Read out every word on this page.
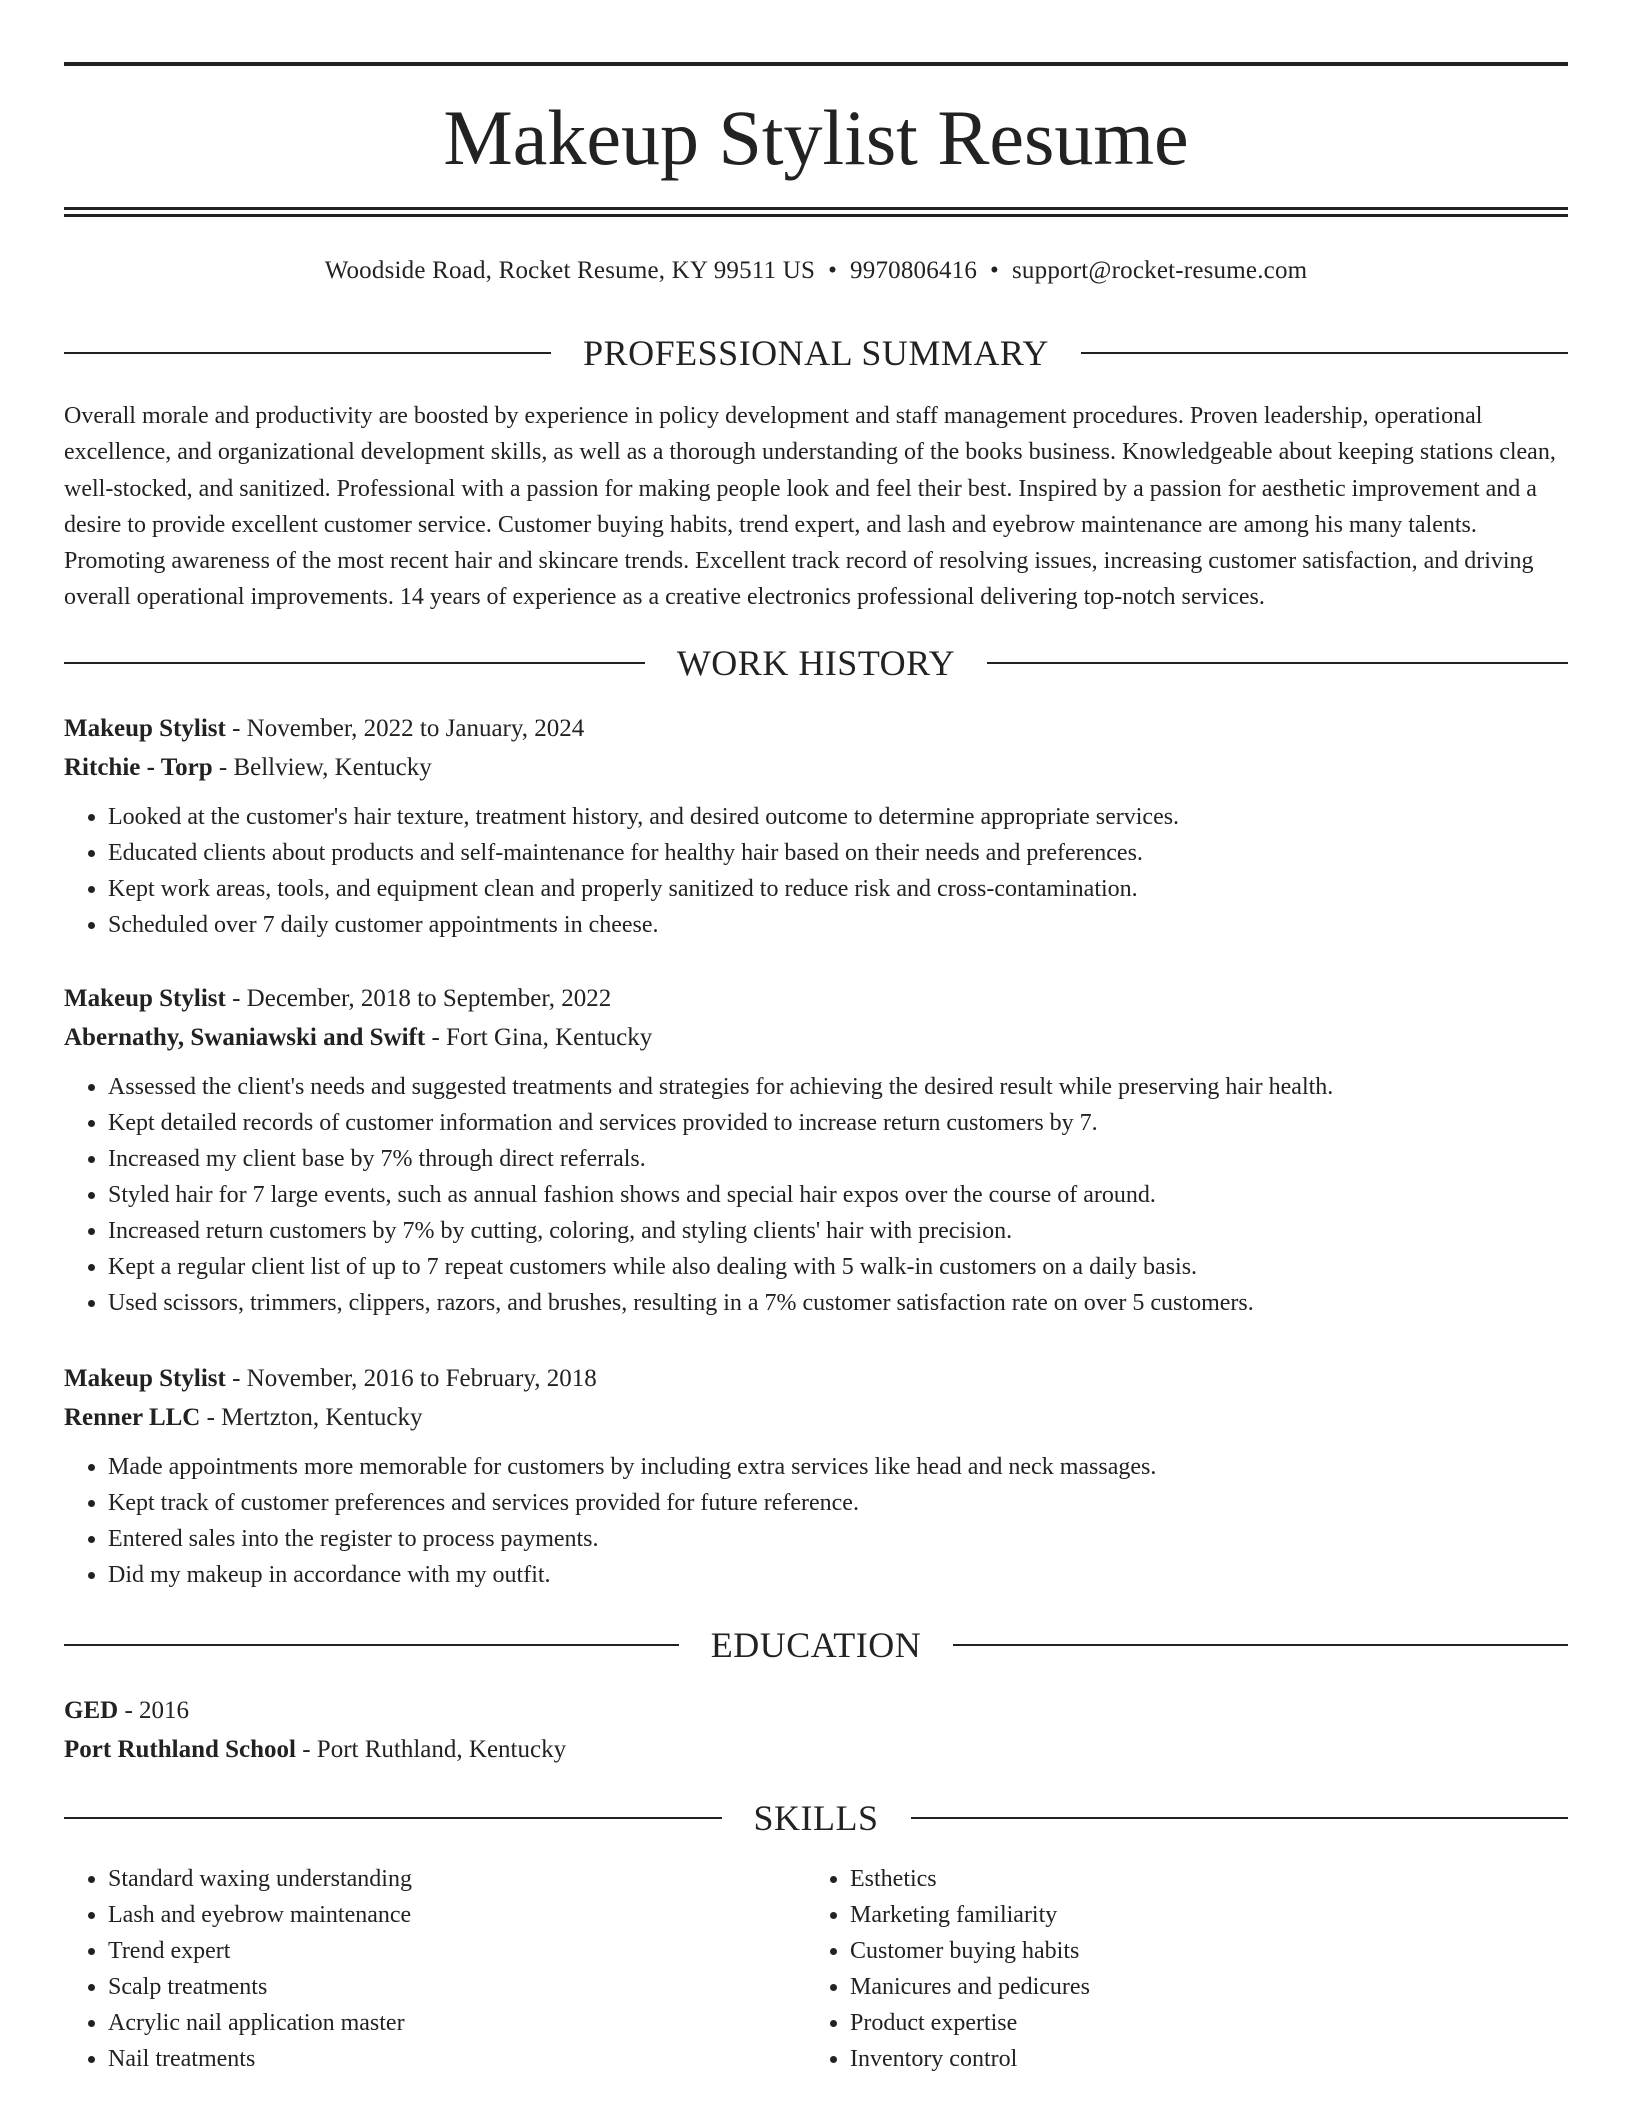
Makeup Stylist Resume
Woodside Road, Rocket Resume, KY 99511 US • 9970806416 • support@rocket-resume.com
PROFESSIONAL SUMMARY

Overall morale and productivity are boosted by experience in policy development and staff management procedures. Proven leadership, operational excellence, and organizational development skills, as well as a thorough understanding of the books business. Knowledgeable about keeping stations clean, well-stocked, and sanitized. Professional with a passion for making people look and feel their best. Inspired by a passion for aesthetic improvement and a desire to provide excellent customer service. Customer buying habits, trend expert, and lash and eyebrow maintenance are among his many talents. Promoting awareness of the most recent hair and skincare trends. Excellent track record of resolving issues, increasing customer satisfaction, and driving overall operational improvements. 14 years of experience as a creative electronics professional delivering top-notch services.

WORK HISTORY

Makeup Stylist - November, 2022 to January, 2024

Ritchie - Torp - Bellview, Kentucky

• Looked at the customer's hair texture, treatment history, and desired outcome to determine appropriate services.
• Educated clients about products and self-maintenance for healthy hair based on their needs and preferences.
• Kept work areas, tools, and equipment clean and properly sanitized to reduce risk and cross-contamination.
• Scheduled over 7 daily customer appointments in cheese.

Makeup Stylist - December, 2018 to September, 2022

Abernathy, Swaniawski and Swift - Fort Gina, Kentucky

• Assessed the client's needs and suggested treatments and strategies for achieving the desired result while preserving hair health.
• Kept detailed records of customer information and services provided to increase return customers by 7.
• Increased my client base by 7% through direct referrals.
• Styled hair for 7 large events, such as annual fashion shows and special hair expos over the course of around.
• Increased return customers by 7% by cutting, coloring, and styling clients' hair with precision.
• Kept a regular client list of up to 7 repeat customers while also dealing with 5 walk-in customers on a daily basis.
• Used scissors, trimmers, clippers, razors, and brushes, resulting in a 7% customer satisfaction rate on over 5 customers.

Makeup Stylist - November, 2016 to February, 2018

Renner LLC - Mertzton, Kentucky

• Made appointments more memorable for customers by including extra services like head and neck massages.
• Kept track of customer preferences and services provided for future reference.
• Entered sales into the register to process payments.
• Did my makeup in accordance with my outfit.
EDUCATION

GED - 2016

Port Ruthland School - Port Ruthland, Kentucky

SKILLS
• Standard waxing understanding
• Lash and eyebrow maintenance
• Trend expert
• Scalp treatments
• Acrylic nail application master
• Nail treatments
• Esthetics
• Marketing familiarity
• Customer buying habits
• Manicures and pedicures
• Product expertise
• Inventory control
